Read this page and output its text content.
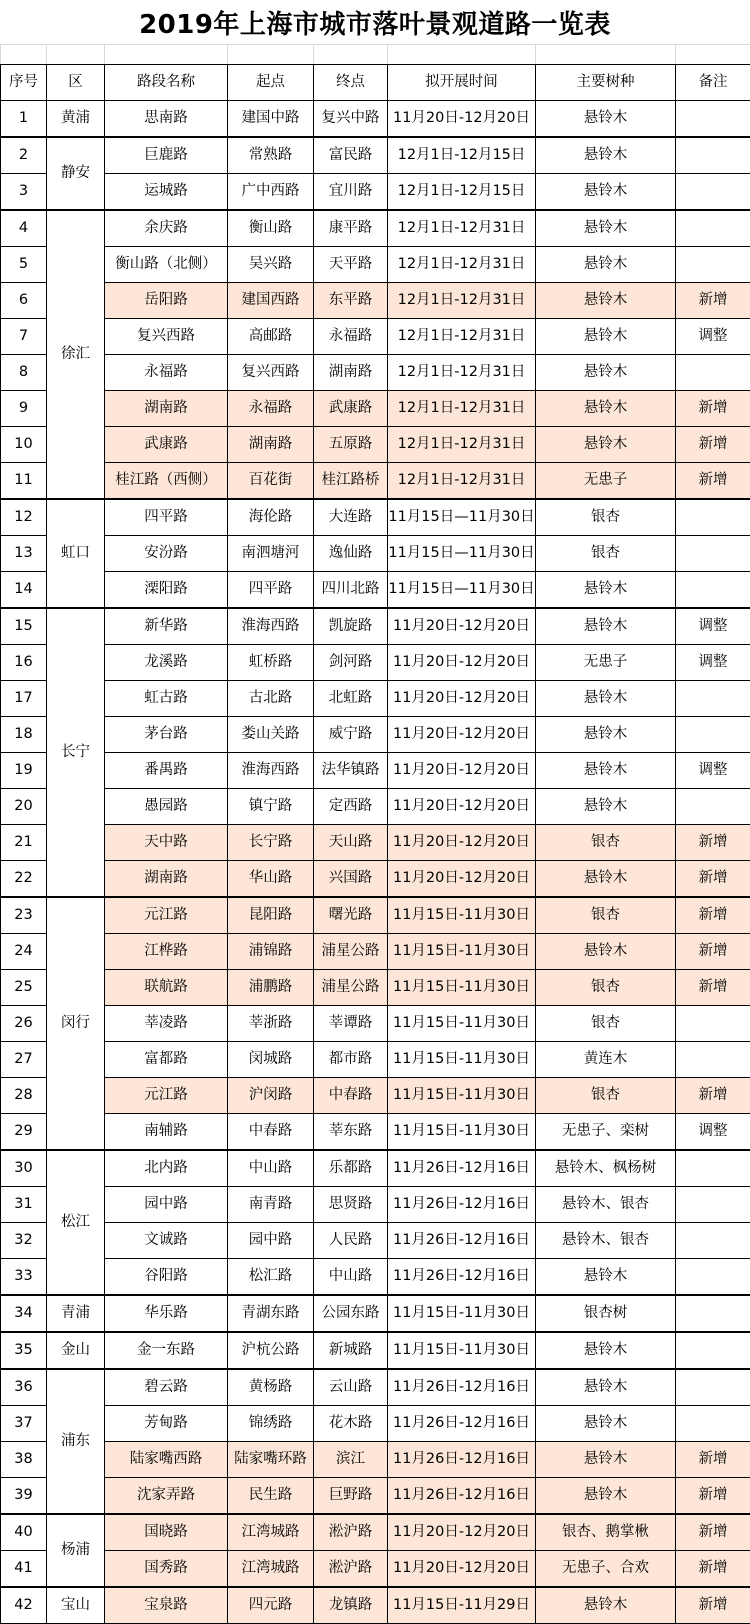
2019年上海市城市落叶景观道路一览表

序号	区	路段名称	起点	终点	拟开展时间	主要树种	备注
1	黄浦	思南路	建国中路	复兴中路	11月20日-12月20日	悬铃木	
2	静安	巨鹿路	常熟路	富民路	12月1日-12月15日	悬铃木	
3		运城路	广中西路	宜川路	12月1日-12月15日	悬铃木	
4	徐汇	余庆路	衡山路	康平路	12月1日-12月31日	悬铃木	
5		衡山路（北侧）	吴兴路	天平路	12月1日-12月31日	悬铃木	
6		岳阳路	建国西路	东平路	12月1日-12月31日	悬铃木	新增
7		复兴西路	高邮路	永福路	12月1日-12月31日	悬铃木	调整
8		永福路	复兴西路	湖南路	12月1日-12月31日	悬铃木	
9		湖南路	永福路	武康路	12月1日-12月31日	悬铃木	新增
10		武康路	湖南路	五原路	12月1日-12月31日	悬铃木	新增
11		桂江路（西侧）	百花街	桂江路桥	12月1日-12月31日	无患子	新增
12	虹口	四平路	海伦路	大连路	11月15日—11月30日	银杏	
13		安汾路	南泗塘河	逸仙路	11月15日—11月30日	银杏	
14		溧阳路	四平路	四川北路	11月15日—11月30日	悬铃木	
15	长宁	新华路	淮海西路	凯旋路	11月20日-12月20日	悬铃木	调整
16		龙溪路	虹桥路	剑河路	11月20日-12月20日	无患子	调整
17		虹古路	古北路	北虹路	11月20日-12月20日	悬铃木	
18		茅台路	娄山关路	威宁路	11月20日-12月20日	悬铃木	
19		番禺路	淮海西路	法华镇路	11月20日-12月20日	悬铃木	调整
20		愚园路	镇宁路	定西路	11月20日-12月20日	悬铃木	
21		天中路	长宁路	天山路	11月20日-12月20日	银杏	新增
22		湖南路	华山路	兴国路	11月20日-12月20日	悬铃木	新增
23	闵行	元江路	昆阳路	曙光路	11月15日-11月30日	银杏	新增
24		江桦路	浦锦路	浦星公路	11月15日-11月30日	悬铃木	新增
25		联航路	浦鹏路	浦星公路	11月15日-11月30日	银杏	新增
26		莘凌路	莘浙路	莘谭路	11月15日-11月30日	银杏	
27		富都路	闵城路	都市路	11月15日-11月30日	黄连木	
28		元江路	沪闵路	中春路	11月15日-11月30日	银杏	新增
29		南辅路	中春路	莘东路	11月15日-11月30日	无患子、栾树	调整
30	松江	北内路	中山路	乐都路	11月26日-12月16日	悬铃木、枫杨树	
31		园中路	南青路	思贤路	11月26日-12月16日	悬铃木、银杏	
32		文诚路	园中路	人民路	11月26日-12月16日	悬铃木、银杏	
33		谷阳路	松汇路	中山路	11月26日-12月16日	悬铃木	
34	青浦	华乐路	青湖东路	公园东路	11月15日-11月30日	银杏树	
35	金山	金一东路	沪杭公路	新城路	11月15日-11月30日	悬铃木	
36	浦东	碧云路	黄杨路	云山路	11月26日-12月16日	悬铃木	
37		芳甸路	锦绣路	花木路	11月26日-12月16日	悬铃木	
38		陆家嘴西路	陆家嘴环路	滨江	11月26日-12月16日	悬铃木	新增
39		沈家弄路	民生路	巨野路	11月26日-12月16日	悬铃木	新增
40	杨浦	国晓路	江湾城路	淞沪路	11月20日-12月20日	银杏、鹅掌楸	新增
41		国秀路	江湾城路	淞沪路	11月20日-12月20日	无患子、合欢	新增
42	宝山	宝泉路	四元路	龙镇路	11月15日-11月29日	悬铃木	新增
